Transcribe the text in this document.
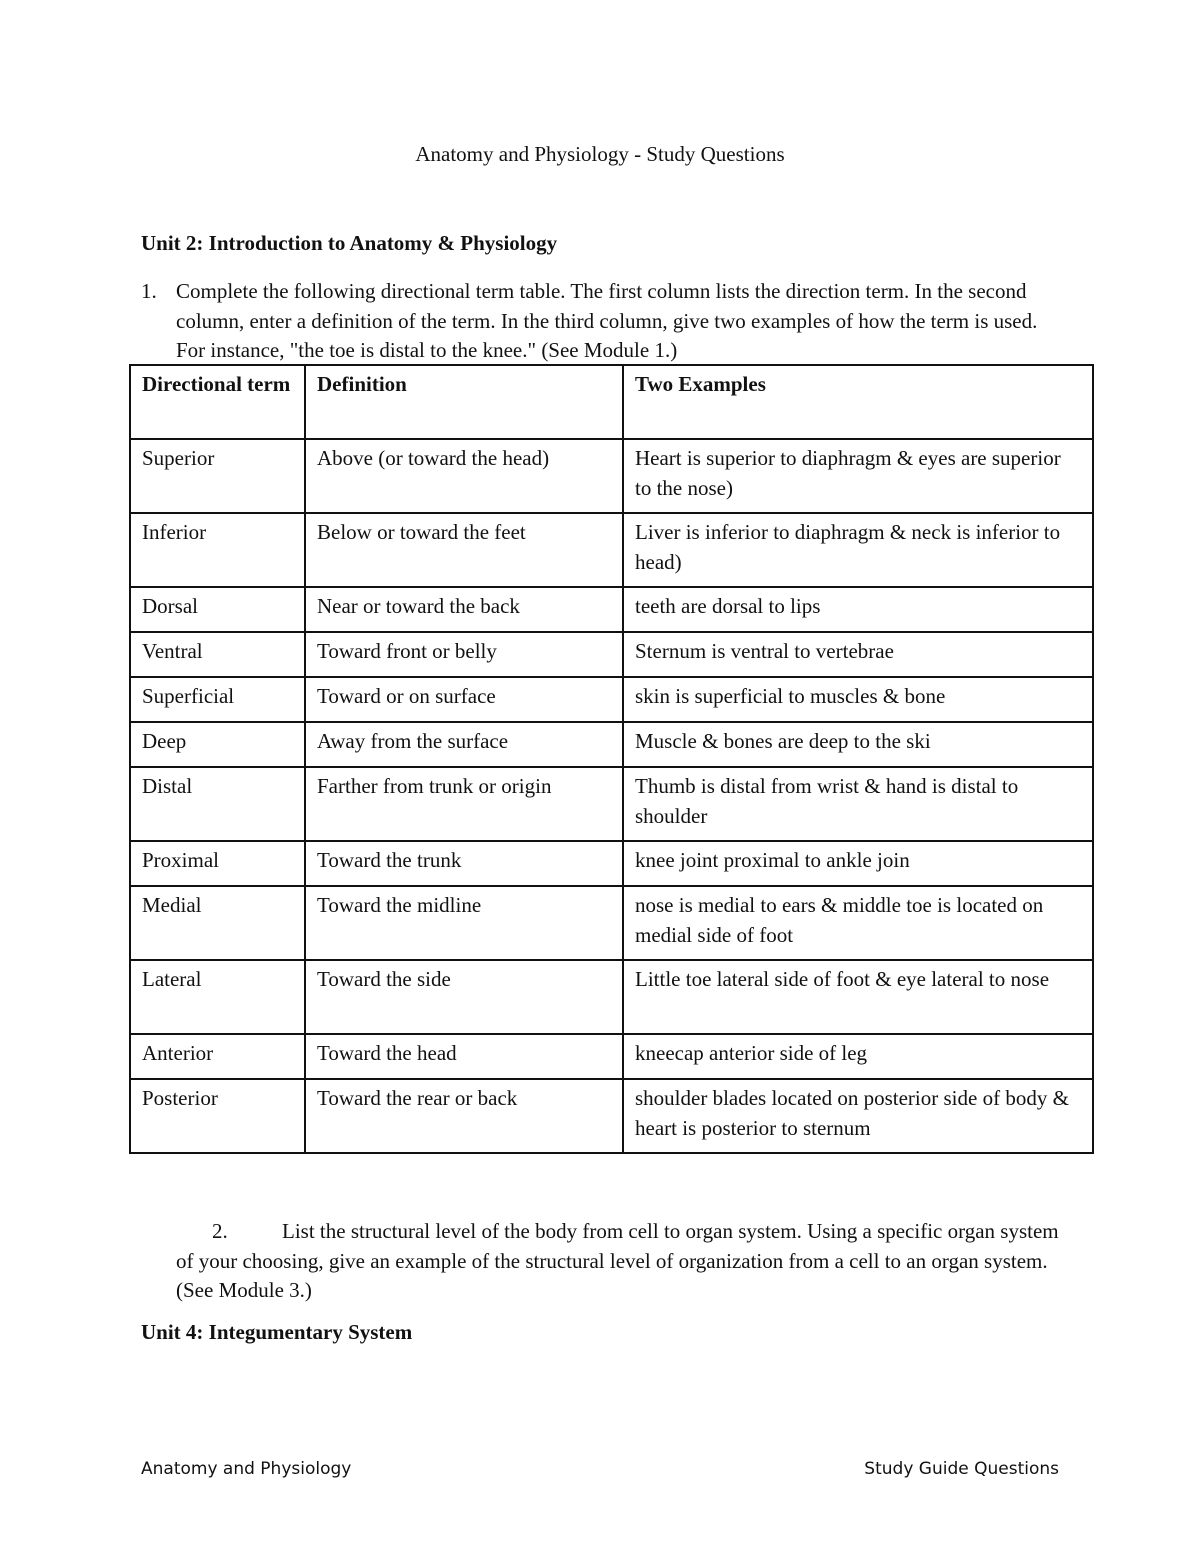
Anatomy and Physiology - Study Questions
Unit 2: Introduction to Anatomy & Physiology
1. Complete the following directional term table. The first column lists the direction term. In the second column, enter a definition of the term. In the third column, give two examples of how the term is used. For instance, "the toe is distal to the knee." (See Module 1.)
Directional term	Definition	Two Examples
Superior	Above (or toward the head)	Heart is superior to diaphragm & eyes are superior to the nose)
Inferior	Below or toward the feet	Liver is inferior to diaphragm & neck is inferior to head)
Dorsal	Near or toward the back	teeth are dorsal to lips
Ventral	Toward front or belly	Sternum is ventral to vertebrae
Superficial	Toward or on surface	skin is superficial to muscles & bone
Deep	Away from the surface	Muscle & bones are deep to the ski
Distal	Farther from trunk or origin	Thumb is distal from wrist & hand is distal to shoulder
Proximal	Toward the trunk	knee joint proximal to ankle join
Medial	Toward the midline	nose is medial to ears & middle toe is located on medial side of foot
Lateral	Toward the side	Little toe lateral side of foot & eye lateral to nose
Anterior	Toward the head	kneecap anterior side of leg
Posterior	Toward the rear or back	shoulder blades located on posterior side of body & heart is posterior to sternum
2.	List the structural level of the body from cell to organ system. Using a specific organ system of your choosing, give an example of the structural level of organization from a cell to an organ system. (See Module 3.)
Unit 4: Integumentary System
Anatomy and Physiology	Study Guide Questions
